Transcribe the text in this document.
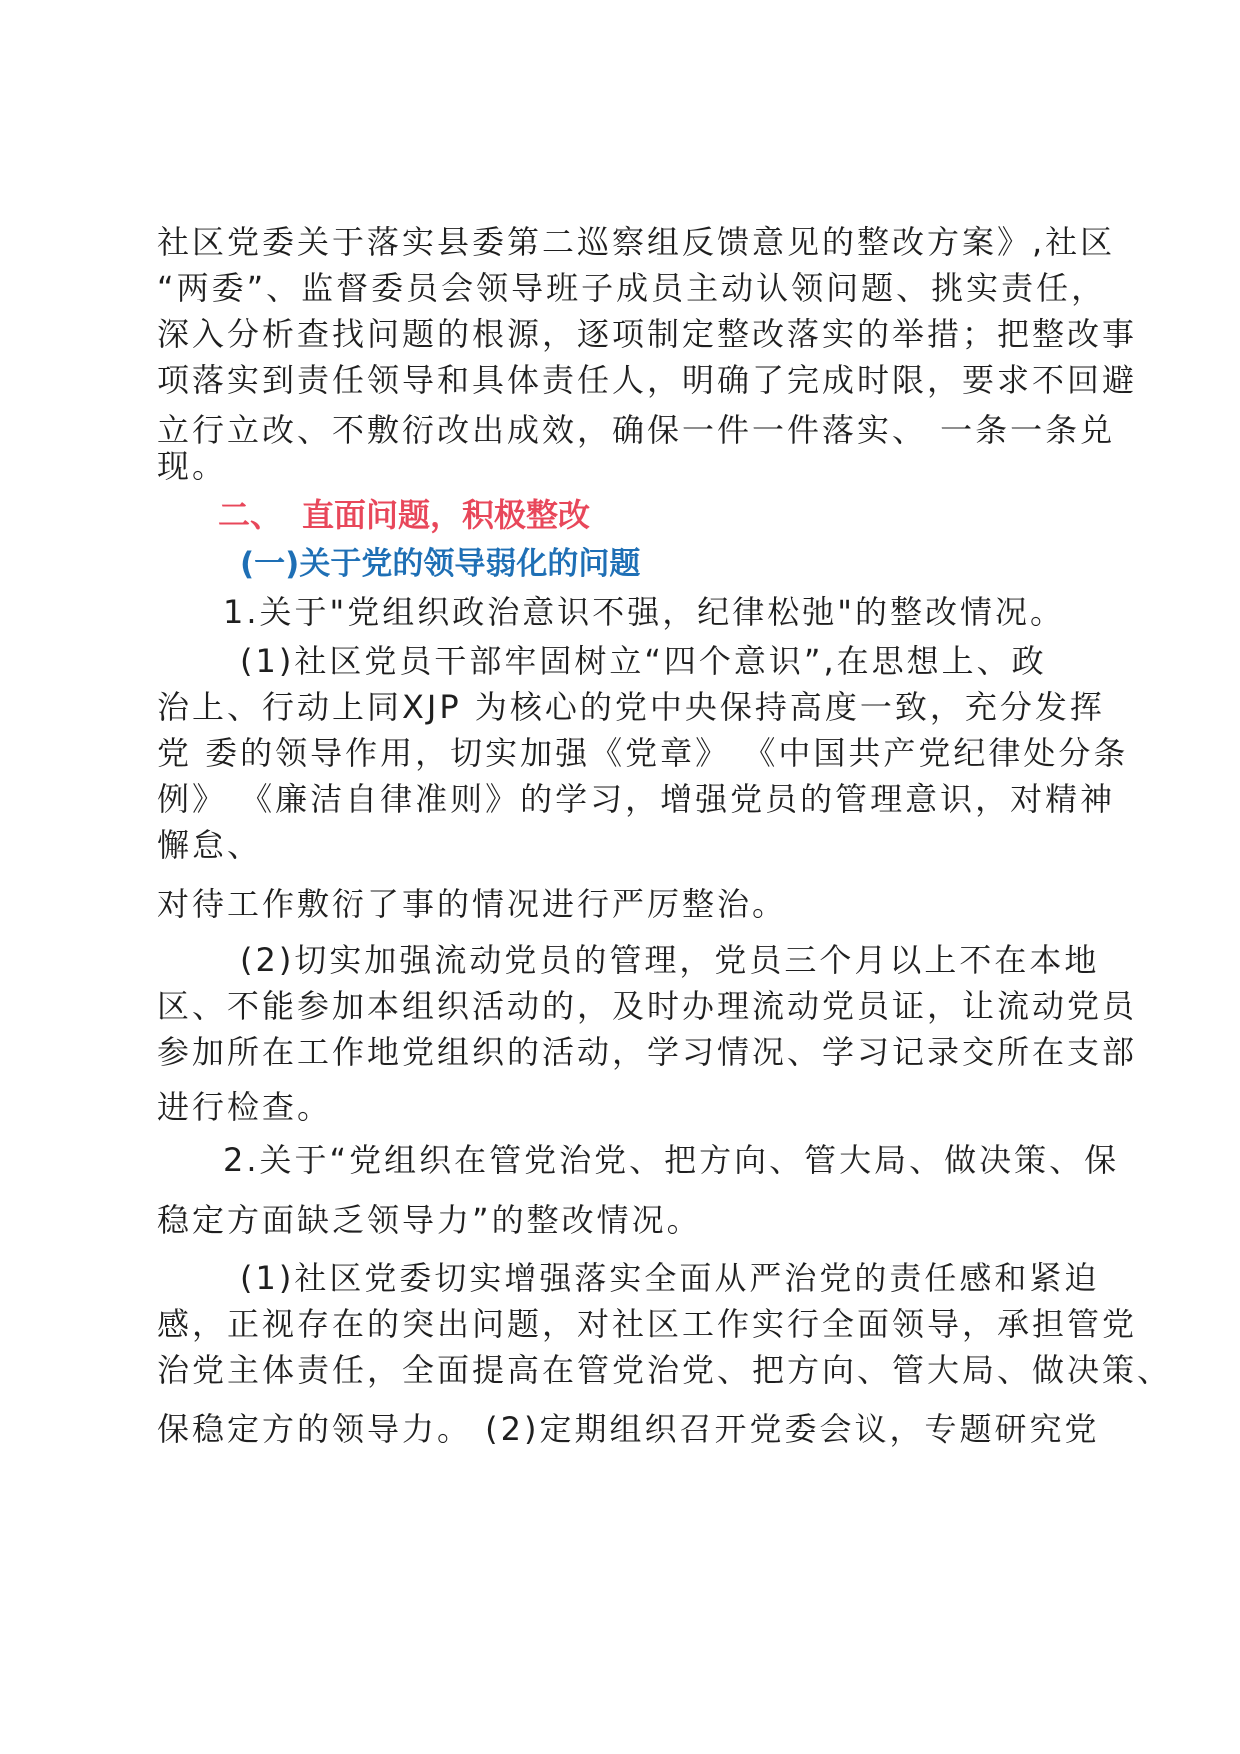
社区党委关于落实县委第二巡察组反馈意见的整改方案》,社区
“两委”、监督委员会领导班子成员主动认领问题、挑实责任，
深入分析查找问题的根源，逐项制定整改落实的举措；把整改事
项落实到责任领导和具体责任人，明确了完成时限，要求不回避
立行立改、不敷衍改出成效，确保一件一件落实、 一条一条兑
现。
二、 直面问题，积极整改
(一)关于党的领导弱化的问题
1.关于"党组织政治意识不强，纪律松弛"的整改情况。
(1)社区党员干部牢固树立“四个意识”,在思想上、政
治上、行动上同XJP 为核心的党中央保持高度一致，充分发挥
党 委的领导作用，切实加强《党章》 《中国共产党纪律处分条
例》 《廉洁自律准则》的学习，增强党员的管理意识，对精神
懈怠、
对待工作敷衍了事的情况进行严厉整治。
(2)切实加强流动党员的管理，党员三个月以上不在本地
区、不能参加本组织活动的，及时办理流动党员证，让流动党员
参加所在工作地党组织的活动，学习情况、学习记录交所在支部
进行检查。
2.关于“党组织在管党治党、把方向、管大局、做决策、保
稳定方面缺乏领导力”的整改情况。
(1)社区党委切实增强落实全面从严治党的责任感和紧迫
感，正视存在的突出问题，对社区工作实行全面领导，承担管党
治党主体责任，全面提高在管党治党、把方向、管大局、做决策、
保稳定方的领导力。 (2)定期组织召开党委会议，专题研究党
